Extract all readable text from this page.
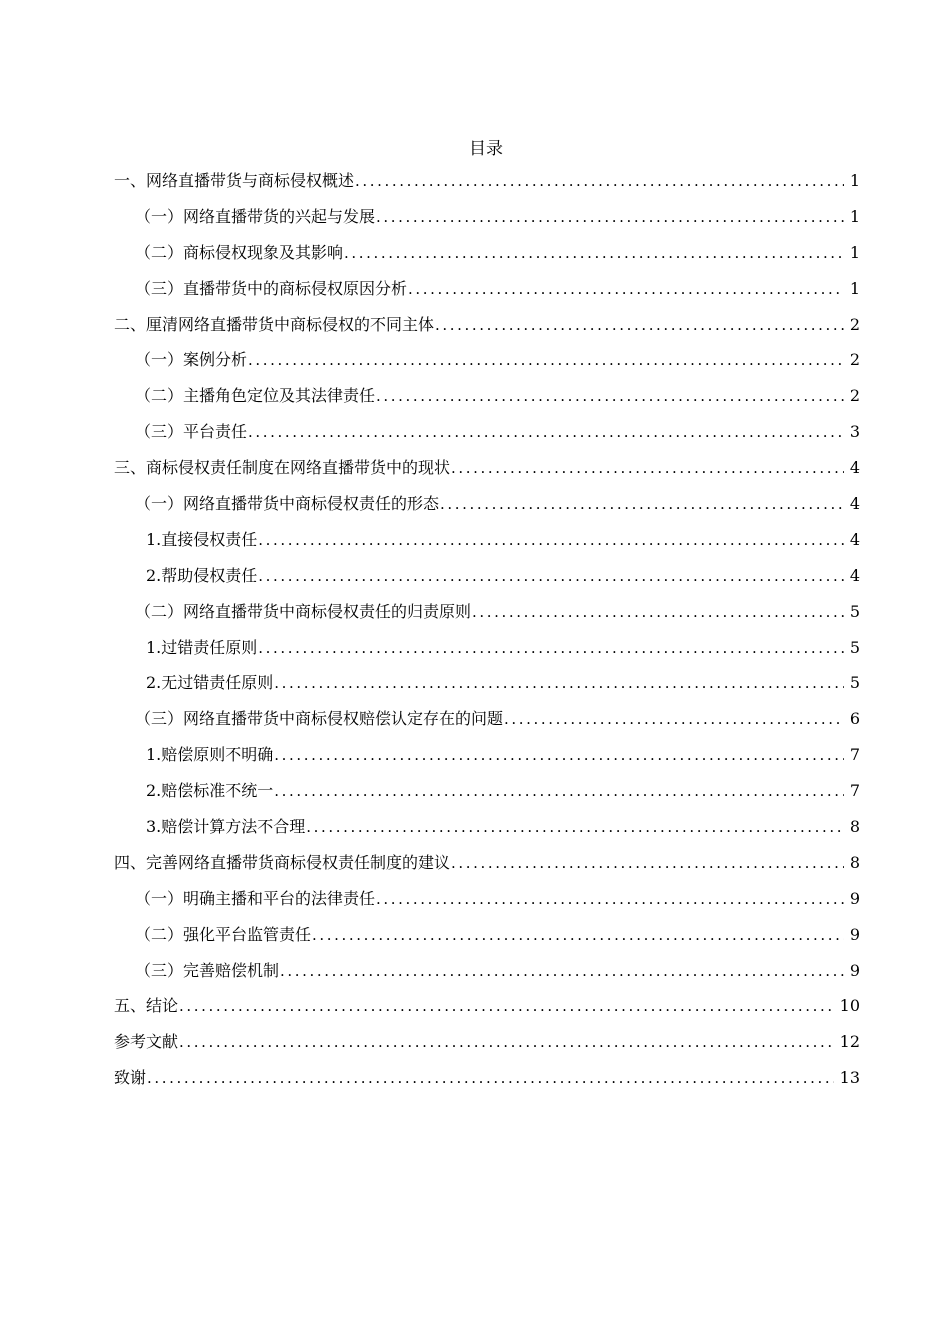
目录
一、网络直播带货与商标侵权概述 .....	1
（一）网络直播带货的兴起与发展 .....	1
（二）商标侵权现象及其影响 .....	1
（三）直播带货中的商标侵权原因分析 .....	1
二、厘清网络直播带货中商标侵权的不同主体 .....	2
（一）案例分析 .....	2
（二）主播角色定位及其法律责任 .....	2
（三）平台责任 .....	3
三、商标侵权责任制度在网络直播带货中的现状 .....	4
（一）网络直播带货中商标侵权责任的形态 .....	4
1.直接侵权责任 .....	4
2.帮助侵权责任 .....	4
（二）网络直播带货中商标侵权责任的归责原则 .....	5
1.过错责任原则 .....	5
2.无过错责任原则 .....	5
（三）网络直播带货中商标侵权赔偿认定存在的问题 .....	6
1.赔偿原则不明确 .....	7
2.赔偿标准不统一 .....	7
3.赔偿计算方法不合理 .....	8
四、完善网络直播带货商标侵权责任制度的建议 .....	8
（一）明确主播和平台的法律责任 .....	9
（二）强化平台监管责任 .....	9
（三）完善赔偿机制 .....	9
五、结论 .....	10
参考文献 .....	12
致谢 .....	13
